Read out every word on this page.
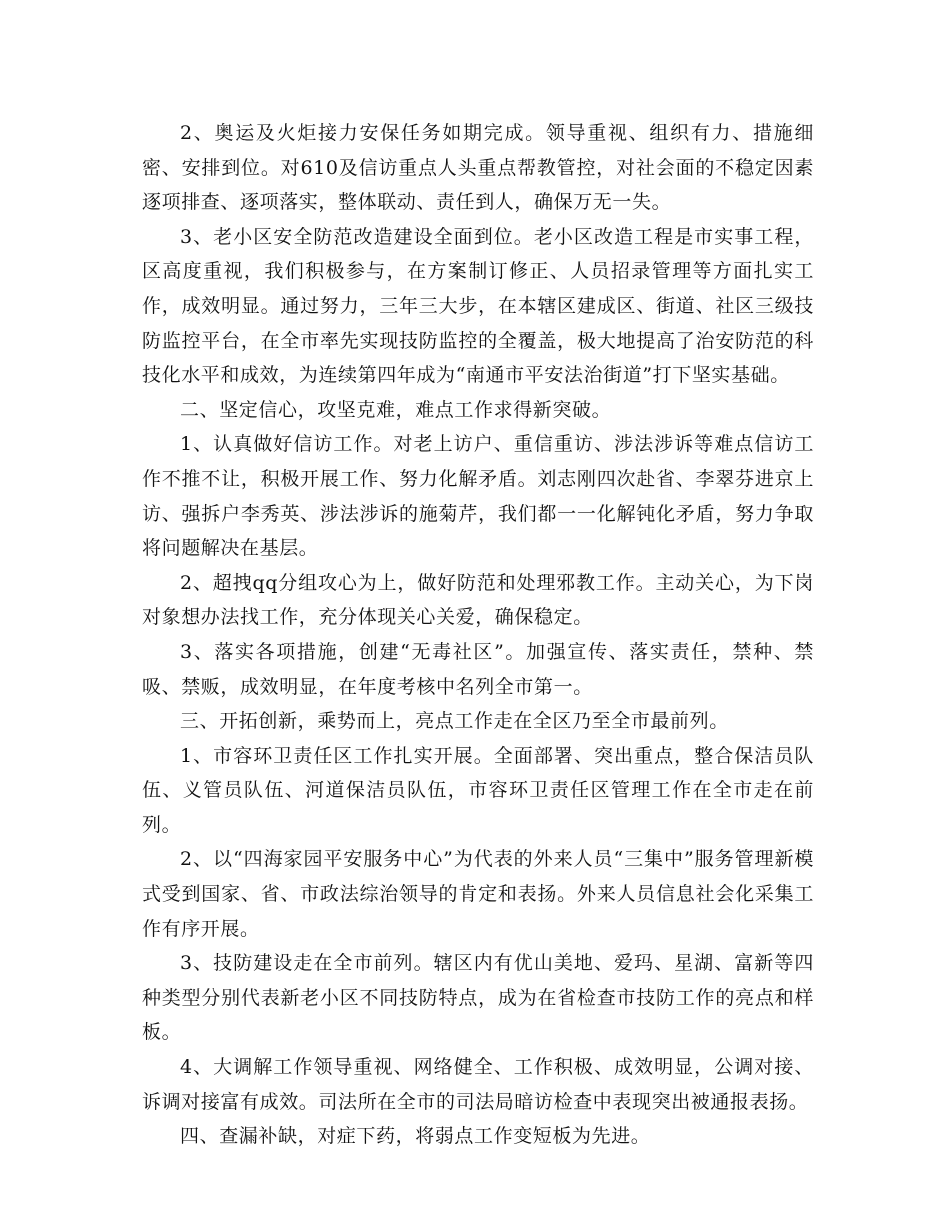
2、奥运及火炬接力安保任务如期完成。领导重视、组织有力、措施细密、安排到位。对610及信访重点人头重点帮教管控，对社会面的不稳定因素逐项排查、逐项落实，整体联动、责任到人，确保万无一失。

3、老小区安全防范改造建设全面到位。老小区改造工程是市实事工程，区高度重视，我们积极参与，在方案制订修正、人员招录管理等方面扎实工作，成效明显。通过努力，三年三大步，在本辖区建成区、街道、社区三级技防监控平台，在全市率先实现技防监控的全覆盖，极大地提高了治安防范的科技化水平和成效，为连续第四年成为“南通市平安法治街道”打下坚实基础。

二、坚定信心，攻坚克难，难点工作求得新突破。

1、认真做好信访工作。对老上访户、重信重访、涉法涉诉等难点信访工作不推不让，积极开展工作、努力化解矛盾。刘志刚四次赴省、李翠芬进京上访、强拆户李秀英、涉法涉诉的施菊芹，我们都一一化解钝化矛盾，努力争取将问题解决在基层。

2、超拽qq分组攻心为上，做好防范和处理邪教工作。主动关心，为下岗对象想办法找工作，充分体现关心关爱，确保稳定。

3、落实各项措施，创建“无毒社区”。加强宣传、落实责任，禁种、禁吸、禁贩，成效明显，在年度考核中名列全市第一。

三、开拓创新，乘势而上，亮点工作走在全区乃至全市最前列。

1、市容环卫责任区工作扎实开展。全面部署、突出重点，整合保洁员队伍、义管员队伍、河道保洁员队伍，市容环卫责任区管理工作在全市走在前列。

2、以“四海家园平安服务中心”为代表的外来人员“三集中”服务管理新模式受到国家、省、市政法综治领导的肯定和表扬。外来人员信息社会化采集工作有序开展。

3、技防建设走在全市前列。辖区内有优山美地、爱玛、星湖、富新等四种类型分别代表新老小区不同技防特点，成为在省检查市技防工作的亮点和样板。

4、大调解工作领导重视、网络健全、工作积极、成效明显，公调对接、诉调对接富有成效。司法所在全市的司法局暗访检查中表现突出被通报表扬。

四、查漏补缺，对症下药，将弱点工作变短板为先进。
